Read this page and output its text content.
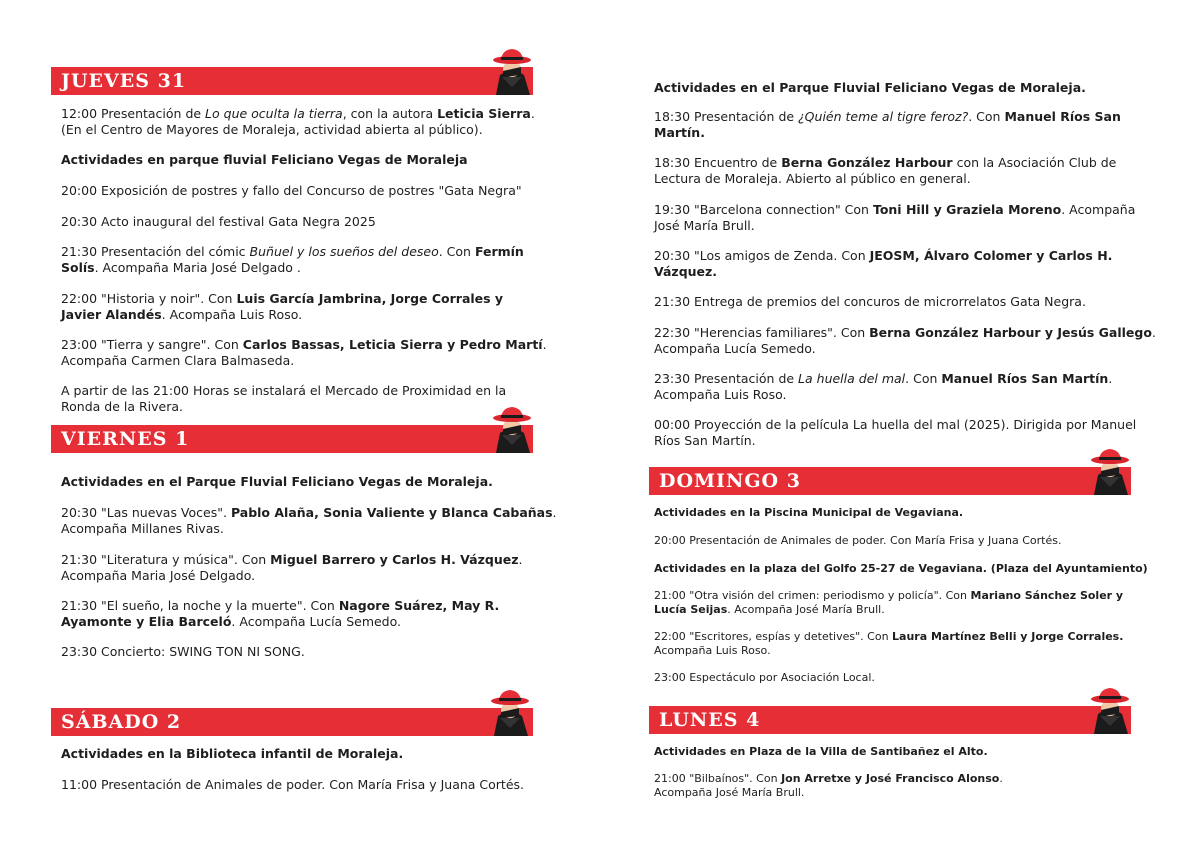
JUEVES 31

12:00 Presentación de Lo que oculta la tierra, con la autora Leticia Sierra.

(En el Centro de Mayores de Moraleja, actividad abierta al público).

Actividades en parque fluvial Feliciano Vegas de Moraleja

20:00 Exposición de postres y fallo del Concurso de postres "Gata Negra"

20:30 Acto inaugural del festival Gata Negra 2025

21:30 Presentación del cómic Buñuel y los sueños del deseo. Con Fermín

Solís. Acompaña Maria José Delgado .

22:00 "Historia y noir". Con Luis García Jambrina, Jorge Corrales y

Javier Alandés. Acompaña Luis Roso.

23:00 "Tierra y sangre". Con Carlos Bassas, Leticia Sierra y Pedro Martí.

Acompaña Carmen Clara Balmaseda.

A partir de las 21:00 Horas se instalará el Mercado de Proximidad en la

Ronda de la Rivera.

VIERNES 1

Actividades en el Parque Fluvial Feliciano Vegas de Moraleja.

20:30 "Las nuevas Voces". Pablo Alaña, Sonia Valiente y Blanca Cabañas.

Acompaña Millanes Rivas.

21:30 "Literatura y música". Con Miguel Barrero y Carlos H. Vázquez.

Acompaña Maria José Delgado.

21:30 "El sueño, la noche y la muerte". Con Nagore Suárez, May R.

Ayamonte y Elia Barceló. Acompaña Lucía Semedo.

23:30 Concierto: SWING TON NI SONG.

SÁBADO 2

Actividades en la Biblioteca infantil de Moraleja.

11:00 Presentación de Animales de poder. Con María Frisa y Juana Cortés.

Actividades en el Parque Fluvial Feliciano Vegas de Moraleja.

18:30 Presentación de ¿Quién teme al tigre feroz?. Con Manuel Ríos San

Martín.

18:30 Encuentro de Berna González Harbour con la Asociación Club de

Lectura de Moraleja. Abierto al público en general.

19:30 "Barcelona connection" Con Toni Hill y Graziela Moreno. Acompaña

José María Brull.

20:30 "Los amigos de Zenda. Con JEOSM, Álvaro Colomer y Carlos H.

Vázquez.

21:30 Entrega de premios del concuros de microrrelatos Gata Negra.

22:30 "Herencias familiares". Con Berna González Harbour y Jesús Gallego.

Acompaña Lucía Semedo.

23:30 Presentación de La huella del mal. Con Manuel Ríos San Martín.

Acompaña Luis Roso.

00:00 Proyección de la película La huella del mal (2025). Dirigida por Manuel

Ríos San Martín.

DOMINGO 3

Actividades en la Piscina Municipal de Vegaviana.

20:00 Presentación de Animales de poder. Con María Frisa y Juana Cortés.

Actividades en la plaza del Golfo 25-27 de Vegaviana. (Plaza del Ayuntamiento)

21:00 "Otra visión del crimen: periodismo y policía". Con Mariano Sánchez Soler y

Lucía Seijas. Acompaña José María Brull.

22:00 "Escritores, espías y detetives". Con Laura Martínez Belli y Jorge Corrales.

Acompaña Luis Roso.

23:00 Espectáculo por Asociación Local.

LUNES 4

Actividades en Plaza de la Villa de Santibañez el Alto.

21:00 "Bilbaínos". Con Jon Arretxe y José Francisco Alonso.

Acompaña José María Brull.
